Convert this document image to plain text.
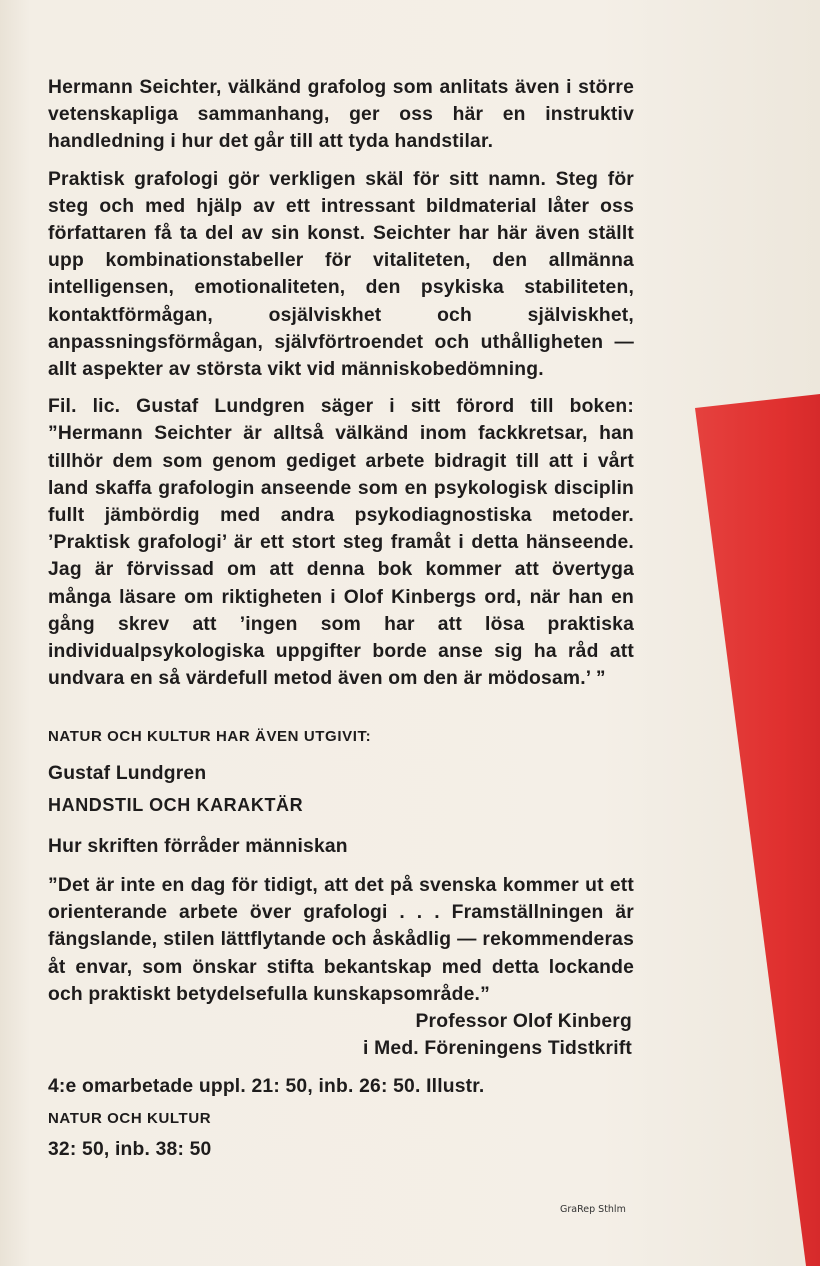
Hermann Seichter, välkänd grafolog som anlitats även i större vetenskapliga sammanhang, ger oss här en instruktiv handledning i hur det går till att tyda handstilar.

Praktisk grafologi gör verkligen skäl för sitt namn. Steg för steg och med hjälp av ett intressant bildmaterial låter oss författaren få ta del av sin konst. Seichter har här även ställt upp kombinationstabeller för vitaliteten, den allmänna intelligensen, emotionaliteten, den psykiska stabiliteten, kontaktförmågan, osjälviskhet och själviskhet, anpassningsförmågan, självförtroendet och uthålligheten — allt aspekter av största vikt vid människobedömning.

Fil. lic. Gustaf Lundgren säger i sitt förord till boken: ”Hermann Seichter är alltså välkänd inom fackkretsar, han tillhör dem som genom gediget arbete bidragit till att i vårt land skaffa grafologin anseende som en psykologisk disciplin fullt jämbördig med andra psykodiagnostiska metoder. ’Praktisk grafologi’ är ett stort steg framåt i detta hänseende. Jag är förvissad om att denna bok kommer att övertyga många läsare om riktigheten i Olof Kinbergs ord, när han en gång skrev att ’ingen som har att lösa praktiska individualpsykologiska uppgifter borde anse sig ha råd att undvara en så värdefull metod även om den är mödosam.’ ”

NATUR OCH KULTUR HAR ÄVEN UTGIVIT:

Gustaf Lundgren

HANDSTIL OCH KARAKTÄR

Hur skriften förråder människan

”Det är inte en dag för tidigt, att det på svenska kommer ut ett orienterande arbete över grafologi . . . Framställningen är fängslande, stilen lättflytande och åskådlig — rekommenderas åt envar, som önskar stifta bekantskap med detta lockande och praktiskt betydelsefulla kunskapsområde.”

Professor Olof Kinberg

i Med. Föreningens Tidstkrift

4:e omarbetade uppl. 21: 50, inb. 26: 50. Illustr.

NATUR OCH KULTUR

32: 50, inb. 38: 50

GraRep Sthlm
